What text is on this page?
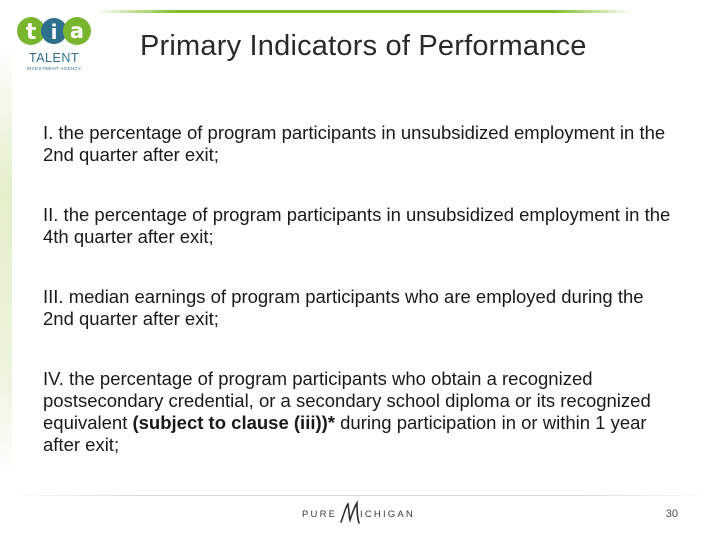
t i a
TALENT
INVESTMENT AGENCY
Primary Indicators of Performance

I. the percentage of program participants in unsubsidized employment in the 2nd quarter after exit;

II. the percentage of program participants in unsubsidized employment in the 4th quarter after exit;

III. median earnings of program participants who are employed during the 2nd quarter after exit;

IV. the percentage of program participants who obtain a recognized postsecondary credential, or a secondary school diploma or its recognized equivalent (subject to clause (iii))* during participation in or within 1 year after exit;

PURE ICHIGAN	30
